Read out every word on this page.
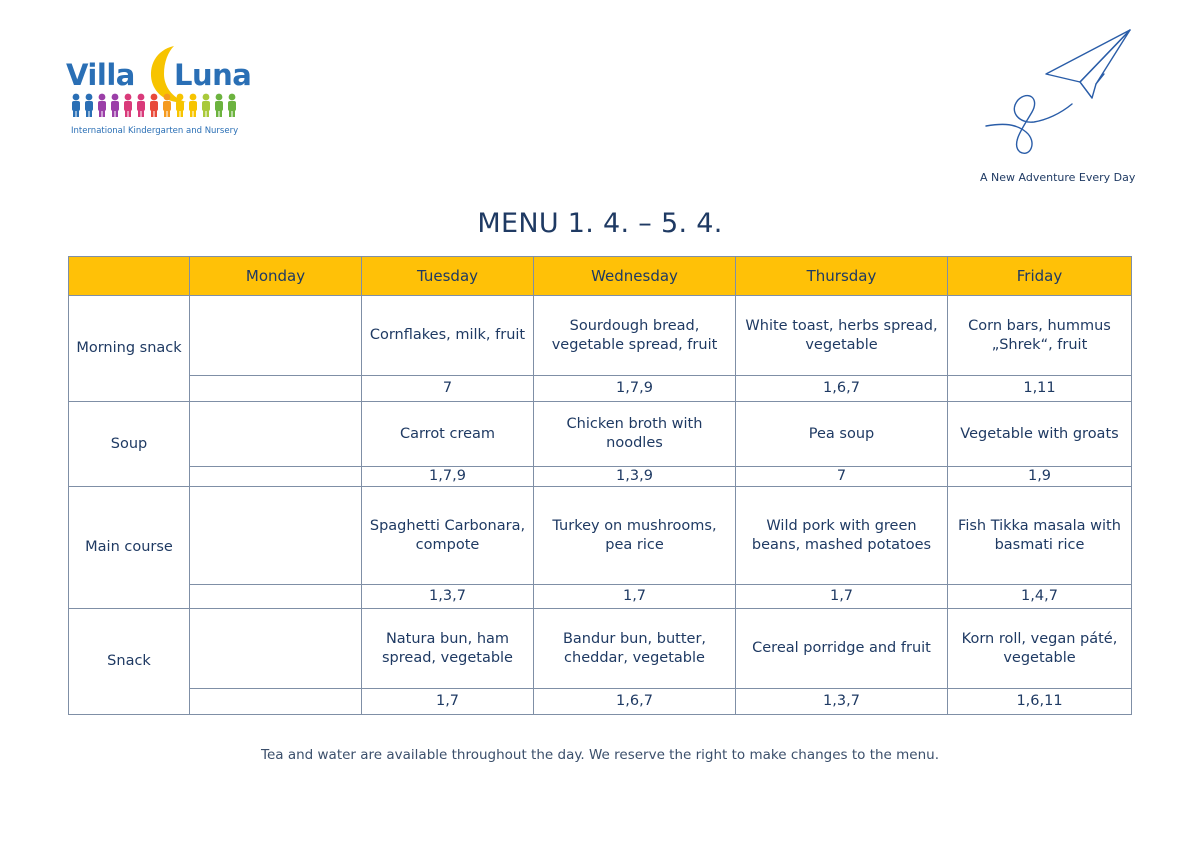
Villa Luna
International Kindergarten and Nursery
A New Adventure Every Day
MENU 1. 4. – 5. 4.
	Monday	Tuesday	Wednesday	Thursday	Friday
Morning snack		Cornflakes, milk, fruit	Sourdough bread, vegetable spread, fruit	White toast, herbs spread, vegetable	Corn bars, hummus „Shrek“, fruit
		7	1,7,9	1,6,7	1,11
Soup		Carrot cream	Chicken broth with noodles	Pea soup	Vegetable with groats
		1,7,9	1,3,9	7	1,9
Main course		Spaghetti Carbonara, compote	Turkey on mushrooms, pea rice	Wild pork with green beans, mashed potatoes	Fish Tikka masala with basmati rice
		1,3,7	1,7	1,7	1,4,7
Snack		Natura bun, ham spread, vegetable	Bandur bun, butter, cheddar, vegetable	Cereal porridge and fruit	Korn roll, vegan páté, vegetable
		1,7	1,6,7	1,3,7	1,6,11
Tea and water are available throughout the day. We reserve the right to make changes to the menu.
